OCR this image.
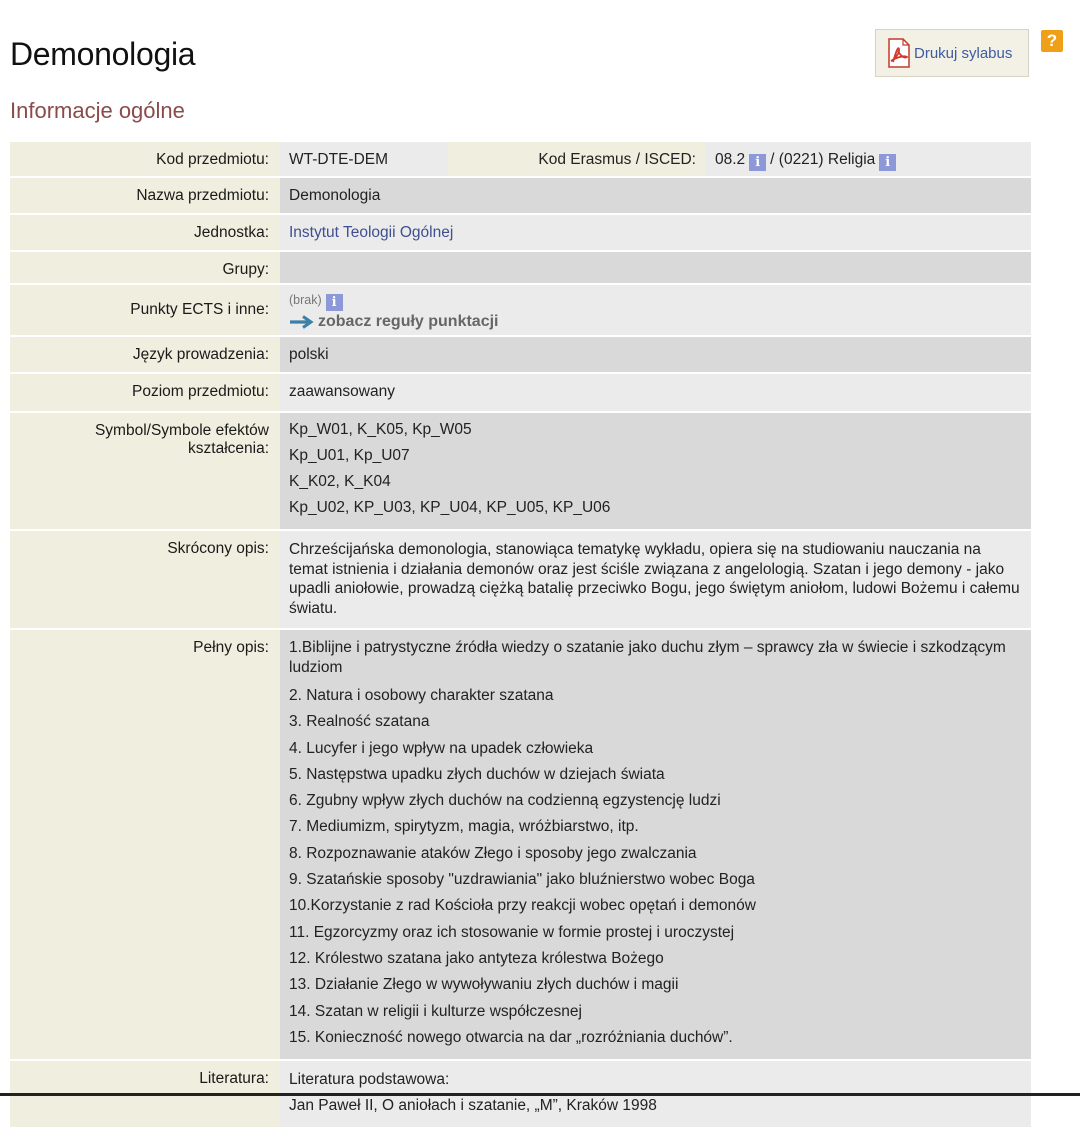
Demonologia
Informacje ogólne
Drukuj sylabus
?
Kod przedmiotu:	WT-DTE-DEM	Kod Erasmus / ISCED:	08.2 i / (0221) Religia i

Nazwa przedmiotu:	Demonologia
Jednostka:	Instytut Teologii Ogólnej
Grupy:	
Punkty ECTS i inne:	
(brak) i
zobacz reguły punktacji

Język prowadzenia:	polski
Poziom przedmiotu:	zaawansowany
Symbol/Symbole efektów kształcenia:	
Kp_W01, K_K05, Kp_W05
Kp_U01, Kp_U07
K_K02, K_K04
Kp_U02, KP_U03, KP_U04, KP_U05, KP_U06

Skrócony opis:	Chrześcijańska demonologia, stanowiąca tematykę wykładu, opiera się na studiowaniu nauczania na temat istnienia i działania demonów oraz jest ściśle związana z angelologią. Szatan i jego demony - jako upadli aniołowie, prowadzą ciężką batalię przeciwko Bogu, jego świętym aniołom, ludowi Bożemu i całemu światu.
Pełny opis:	1.Biblijne i patrystyczne źródła wiedzy o szatanie jako duchu złym – sprawcy zła w świecie i szkodzącym ludziom
2. Natura i osobowy charakter szatana
3. Realność szatana
4. Lucyfer i jego wpływ na upadek człowieka
5. Następstwa upadku złych duchów w dziejach świata
6. Zgubny wpływ złych duchów na codzienną egzystencję ludzi
7. Mediumizm, spirytyzm, magia, wróżbiarstwo, itp.
8. Rozpoznawanie ataków Złego i sposoby jego zwalczania
9. Szatańskie sposoby "uzdrawiania" jako bluźnierstwo wobec Boga
10.Korzystanie z rad Kościoła przy reakcji wobec opętań i demonów
11. Egzorcyzmy oraz ich stosowanie w formie prostej i uroczystej
12. Królestwo szatana jako antyteza królestwa Bożego
13. Działanie Złego w wywoływaniu złych duchów i magii
14. Szatan w religii i kulturze współczesnej
15. Konieczność nowego otwarcia na dar „rozróżniania duchów”.

Literatura:	Literatura podstawowa:
Jan Paweł II, O aniołach i szatanie, „M”, Kraków 1998
